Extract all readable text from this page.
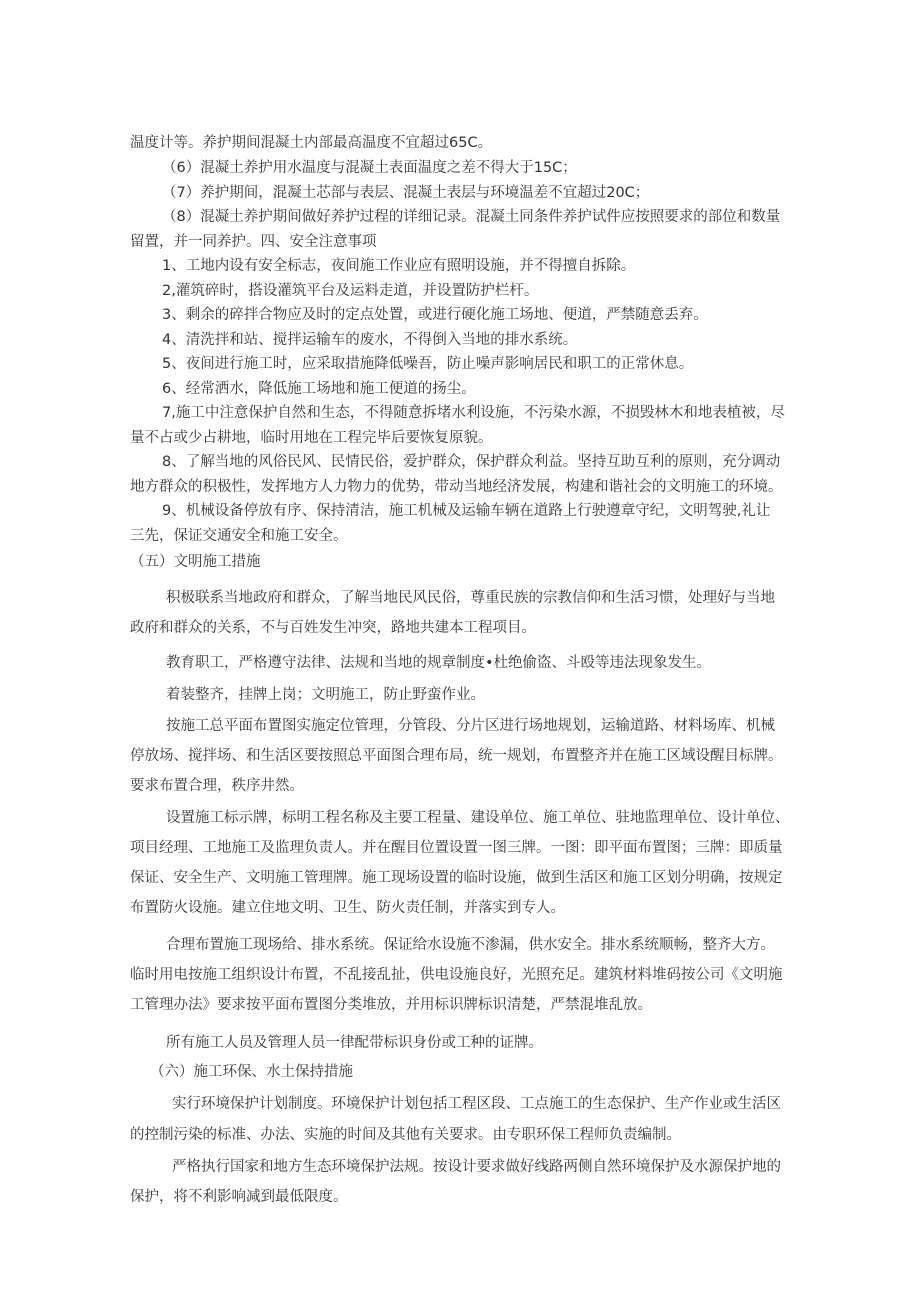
温度计等。养护期间混凝土内部最高温度不宜超过65C。

（6）混凝土养护用水温度与混凝土表面温度之差不得大于15C；

（7）养护期间，混凝土芯部与表层、混凝土表层与环境温差不宜超过20C；

（8）混凝土养护期间做好养护过程的详细记录。混凝土同条件养护试件应按照要求的部位和数量

留置，并一同养护。四、安全注意事项

1、工地内设有安全标志，夜间施工作业应有照明设施，并不得擅自拆除。

2,灌筑碎时，搭设灌筑平台及运料走道，并设置防护栏杆。

3、剩余的碎拌合物应及时的定点处置，或进行硬化施工场地、便道，严禁随意丢弃。

4、清洗拌和站、搅拌运输车的废水，不得倒入当地的排水系统。

5、夜间进行施工时，应采取措施降低噪吾，防止噪声影响居民和职工的正常休息。

6、经常洒水，降低施工场地和施工便道的扬尘。

7,施工中注意保护自然和生态，不得随意拆堵水利设施，不污染水源，不损毁林木和地表植被，尽

量不占或少占耕地，临时用地在工程完毕后要恢复原貌。

8、了解当地的风俗民风、民情民俗，爱护群众，保护群众利益。坚持互助互利的原则，充分调动

地方群众的积极性，发挥地方人力物力的优势，带动当地经济发展，构建和谐社会的文明施工的环境。

9、机械设备停放有序、保持清洁，施工机械及运输车辆在道路上行驶遵章守纪，文明驾驶,礼让

三先，保证交通安全和施工安全。

（五）文明施工措施

积极联系当地政府和群众，了解当地民风民俗，尊重民族的宗教信仰和生活习惯，处理好与当地

政府和群众的关系，不与百姓发生冲突，路地共建本工程项目。

教育职工，严格遵守法律、法规和当地的规章制度•杜绝偷盗、斗殴等违法现象发生。

着装整齐，挂牌上岗；文明施工，防止野蛮作业。

按施工总平面布置图实施定位管理，分管段、分片区进行场地规划，运输道路、材料场库、机械

停放场、搅拌场、和生活区要按照总平面图合理布局，统一规划，布置整齐并在施工区域设醒目标牌。

要求布置合理，秩序井然。

设置施工标示牌，标明工程名称及主要工程量、建设单位、施工单位、驻地监理单位、设计单位、

项目经理、工地施工及监理负责人。并在醒目位置设置一图三牌。一图：即平面布置图；三牌：即质量

保证、安全生产、文明施工管理牌。施工现场设置的临时设施，做到生活区和施工区划分明确，按规定

布置防火设施。建立住地文明、卫生、防火责任制，并落实到专人。

合理布置施工现场给、排水系统。保证给水设施不渗漏，供水安全。排水系统顺畅，整齐大方。

临时用电按施工组织设计布置，不乱接乱扯，供电设施良好，光照充足。建筑材料堆码按公司《文明施

工管理办法》要求按平面布置图分类堆放，并用标识牌标识清楚，严禁混堆乱放。

所有施工人员及管理人员一律配带标识身份或工种的证牌。

（六）施工环保、水土保持措施

实行环境保护计划制度。环境保护计划包括工程区段、工点施工的生态保护、生产作业或生活区

的控制污染的标准、办法、实施的时间及其他有关要求。由专职环保工程师负责编制。

严格执行国家和地方生态环境保护法规。按设计要求做好线路两侧自然环境保护及水源保护地的

保护，将不利影响减到最低限度。
